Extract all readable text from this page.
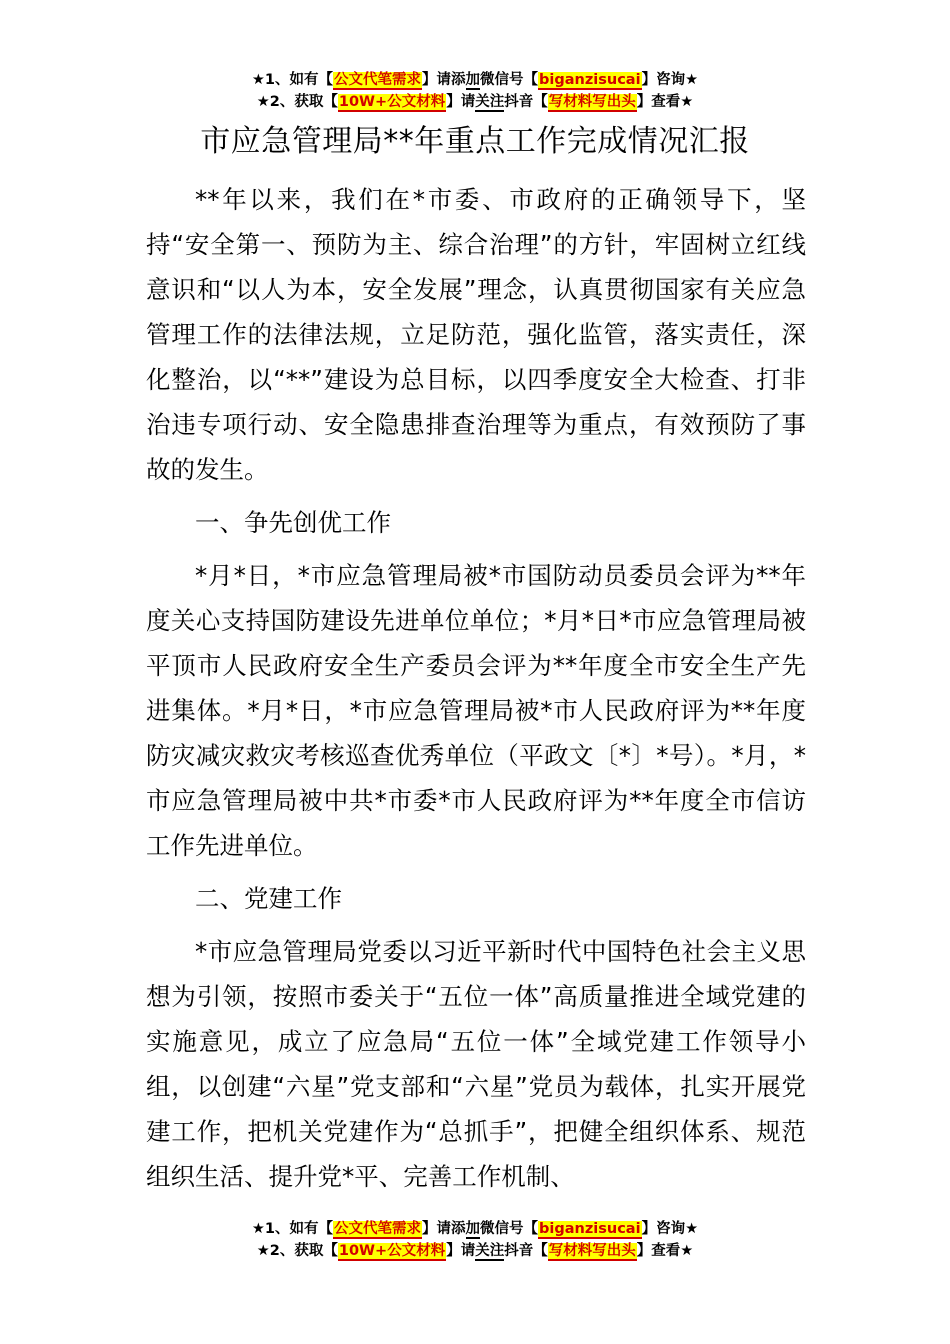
★1、如有【公文代笔需求】请添加微信号【biganzisucai】咨询★
★2、获取【10W+公文材料】请关注抖音【写材料写出头】查看★
市应急管理局**年重点工作完成情况汇报

**年以来，我们在*市委、市政府的正确领导下，坚持“安全第一、预防为主、综合治理”的方针，牢固树立红线意识和“以人为本，安全发展”理念，认真贯彻国家有关应急管理工作的法律法规，立足防范，强化监管，落实责任，深化整治，以“**”建设为总目标，以四季度安全大检查、打非治违专项行动、安全隐患排查治理等为重点，有效预防了事故的发生。

一、争先创优工作

*月*日，*市应急管理局被*市国防动员委员会评为**年度关心支持国防建设先进单位单位；*月*日*市应急管理局被平顶市人民政府安全生产委员会评为**年度全市安全生产先进集体。*月*日，*市应急管理局被*市人民政府评为**年度防灾减灾救灾考核巡查优秀单位（平政文〔*〕*号）。*月，*市应急管理局被中共*市委*市人民政府评为**年度全市信访工作先进单位。

二、党建工作

*市应急管理局党委以习近平新时代中国特色社会主义思想为引领，按照市委关于“五位一体”高质量推进全域党建的实施意见，成立了应急局“五位一体”全域党建工作领导小组，以创建“六星”党支部和“六星”党员为载体，扎实开展党建工作，把机关党建作为“总抓手”，把健全组织体系、规范组织生活、提升党*平、完善工作机制、

★1、如有【公文代笔需求】请添加微信号【biganzisucai】咨询★
★2、获取【10W+公文材料】请关注抖音【写材料写出头】查看★
